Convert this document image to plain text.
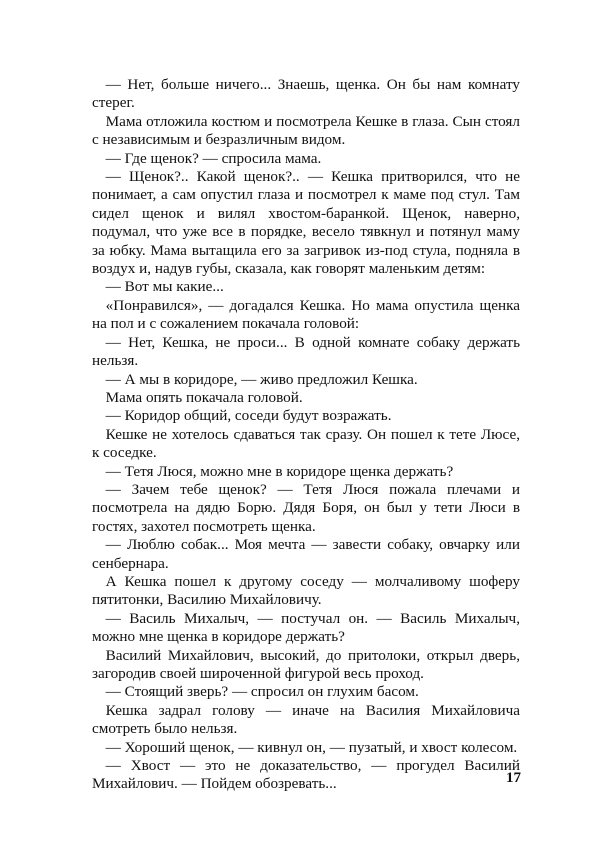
— Нет, больше ничего... Знаешь, щенка. Он бы нам комнату стерег.

Мама отложила костюм и посмотрела Кешке в глаза. Сын стоял с независимым и безразличным видом.

— Где щенок? — спросила мама.

— Щенок?.. Какой щенок?.. — Кешка притворился, что не понимает, а сам опустил глаза и посмотрел к маме под стул. Там сидел щенок и вилял хвостом-баранкой. Щенок, наверно, подумал, что уже все в порядке, весело тявкнул и потянул маму за юбку. Мама вытащила его за загривок из-под стула, подняла в воздух и, надув губы, сказала, как говорят маленьким детям:

— Вот мы какие...

«Понравился», — догадался Кешка. Но мама опустила щенка на пол и с сожалением покачала головой:

— Нет, Кешка, не проси... В одной комнате собаку держать нельзя.

— А мы в коридоре, — живо предложил Кешка.

Мама опять покачала головой.

— Коридор общий, соседи будут возражать.

Кешке не хотелось сдаваться так сразу. Он пошел к тете Люсе, к соседке.

— Тетя Люся, можно мне в коридоре щенка держать?

— Зачем тебе щенок? — Тетя Люся пожала плечами и посмотрела на дядю Борю. Дядя Боря, он был у тети Люси в гостях, захотел посмотреть щенка.

— Люблю собак... Моя мечта — завести собаку, овчарку или сенбернара.

А Кешка пошел к другому соседу — молчаливому шоферу пятитонки, Василию Михайловичу.

— Василь Михалыч, — постучал он. — Василь Михалыч, можно мне щенка в коридоре держать?

Василий Михайлович, высокий, до притолоки, открыл дверь, загородив своей широченной фигурой весь проход.

— Стоящий зверь? — спросил он глухим басом.

Кешка задрал голову — иначе на Василия Михайловича смотреть было нельзя.

— Хороший щенок, — кивнул он, — пузатый, и хвост колесом.

— Хвост — это не доказательство, — прогудел Василий Михайлович. — Пойдем обозревать...	17
